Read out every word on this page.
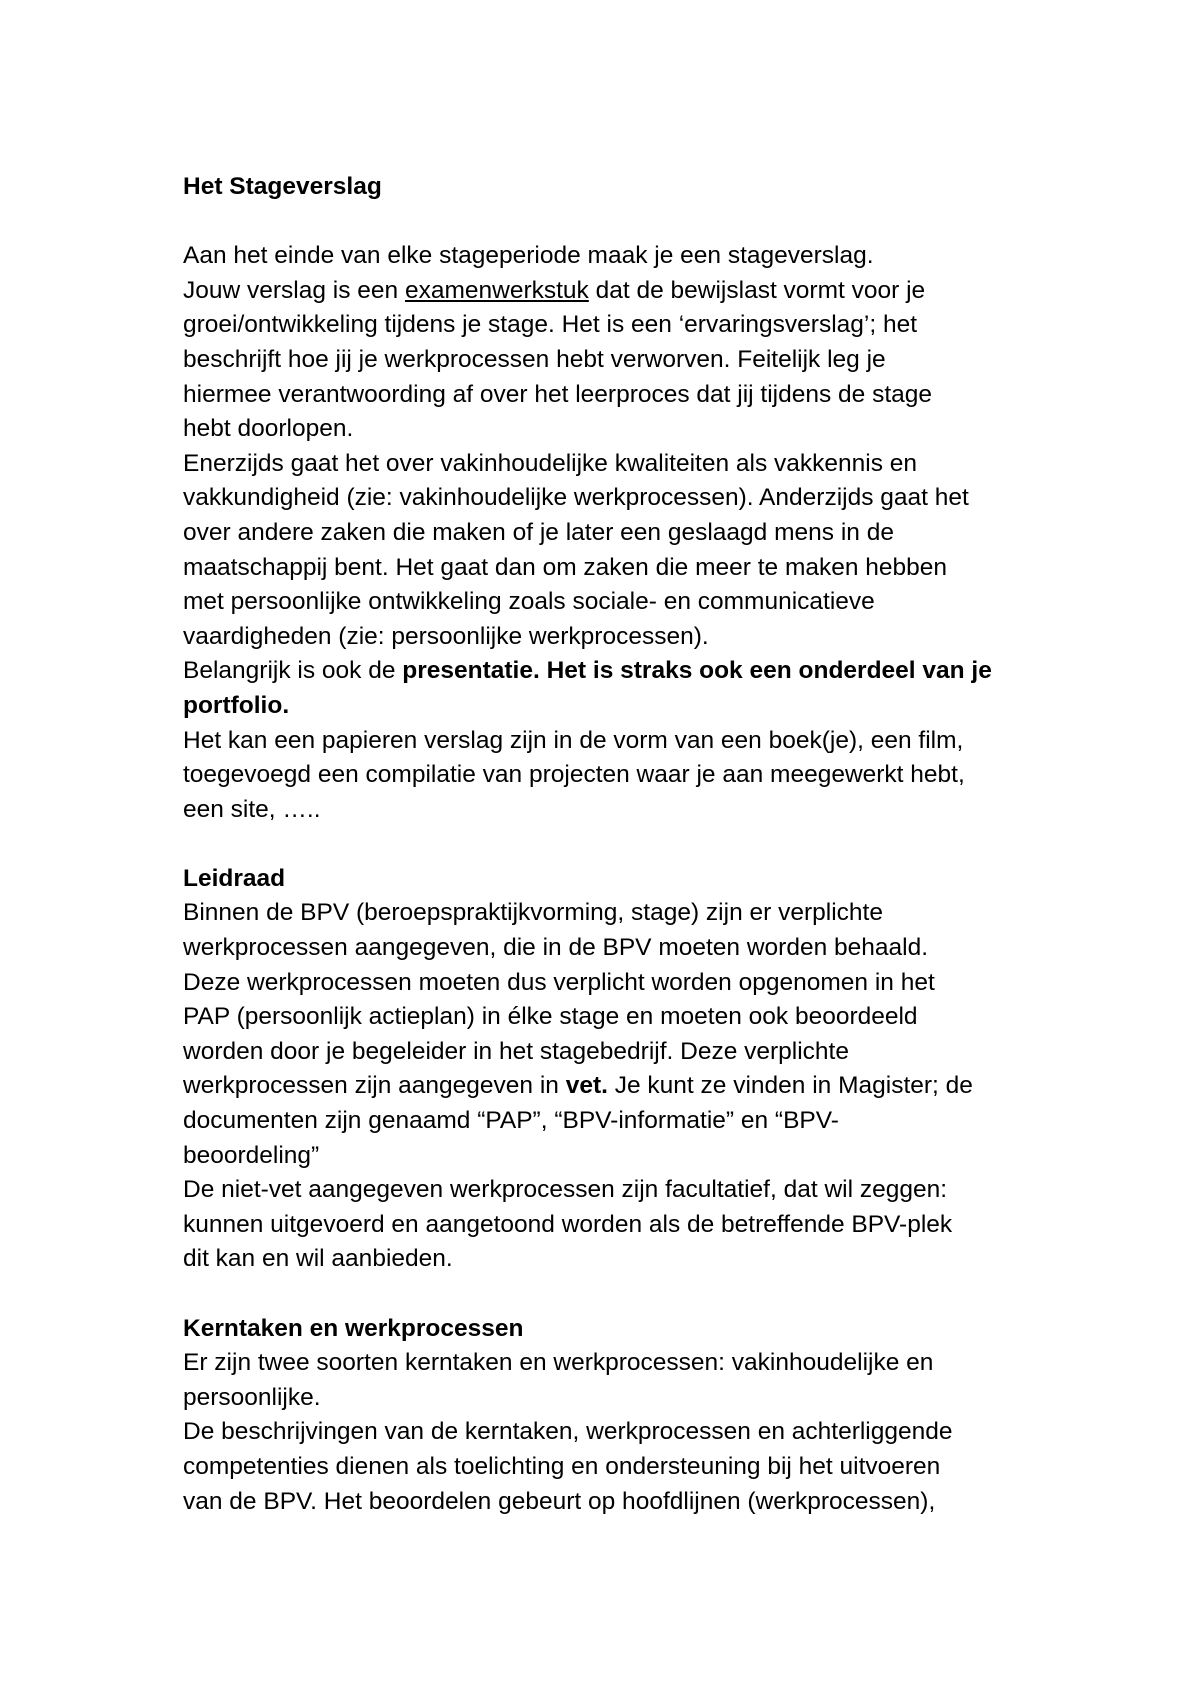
Het Stageverslag
Aan het einde van elke stageperiode maak je een stageverslag.
Jouw verslag is een examenwerkstuk dat de bewijslast vormt voor je
groei/ontwikkeling tijdens je stage. Het is een ‘ervaringsverslag’; het
beschrijft hoe jij je werkprocessen hebt verworven. Feitelijk leg je
hiermee verantwoording af over het leerproces dat jij tijdens de stage
hebt doorlopen.
Enerzijds gaat het over vakinhoudelijke kwaliteiten als vakkennis en
vakkundigheid (zie: vakinhoudelijke werkprocessen). Anderzijds gaat het
over andere zaken die maken of je later een geslaagd mens in de
maatschappij bent. Het gaat dan om zaken die meer te maken hebben
met persoonlijke ontwikkeling zoals sociale- en communicatieve
vaardigheden (zie: persoonlijke werkprocessen).
Belangrijk is ook de presentatie. Het is straks ook een onderdeel van je
portfolio.
Het kan een papieren verslag zijn in de vorm van een boek(je), een film,
toegevoegd een compilatie van projecten waar je aan meegewerkt hebt,
een site, …..
Leidraad
Binnen de BPV (beroepspraktijkvorming, stage) zijn er verplichte
werkprocessen aangegeven, die in de BPV moeten worden behaald.
Deze werkprocessen moeten dus verplicht worden opgenomen in het
PAP (persoonlijk actieplan) in élke stage en moeten ook beoordeeld
worden door je begeleider in het stagebedrijf. Deze verplichte
werkprocessen zijn aangegeven in vet. Je kunt ze vinden in Magister; de
documenten zijn genaamd “PAP”, “BPV-informatie” en “BPV-
beoordeling”
De niet-vet aangegeven werkprocessen zijn facultatief, dat wil zeggen:
kunnen uitgevoerd en aangetoond worden als de betreffende BPV-plek
dit kan en wil aanbieden.
Kerntaken en werkprocessen
Er zijn twee soorten kerntaken en werkprocessen: vakinhoudelijke en
persoonlijke.
De beschrijvingen van de kerntaken, werkprocessen en achterliggende
competenties dienen als toelichting en ondersteuning bij het uitvoeren
van de BPV. Het beoordelen gebeurt op hoofdlijnen (werkprocessen),
